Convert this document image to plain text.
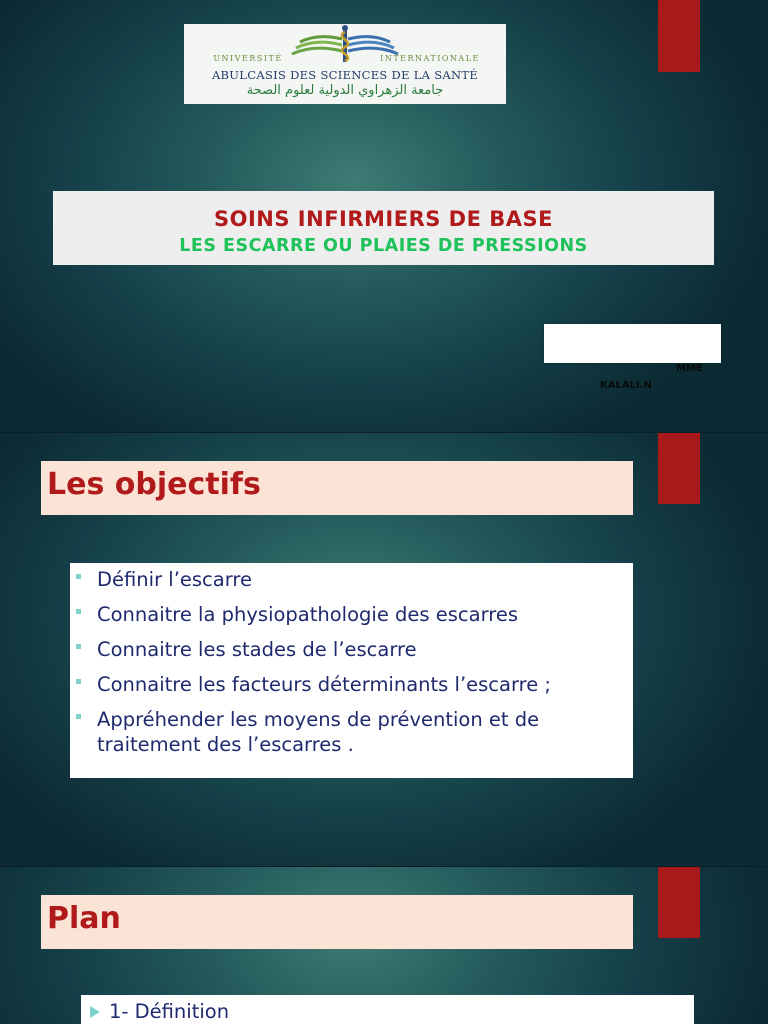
UNIVERSITÉ	INTERNATIONALE
ABULCASIS DES SCIENCES DE LA SANTÉ
جامعة الزهراوي الدولية لعلوم الصحة
SOINS INFIRMIERS DE BASE
LES ESCARRE OU PLAIES DE PRESSIONS
MME
KALALI.N
Les objectifs
Définir l’escarre
Connaitre la physiopathologie des escarres
Connaitre les stades de l’escarre
Connaitre les facteurs déterminants l’escarre ;
Appréhender les moyens de prévention et de traitement des l’escarres .
Plan
1- Définition
